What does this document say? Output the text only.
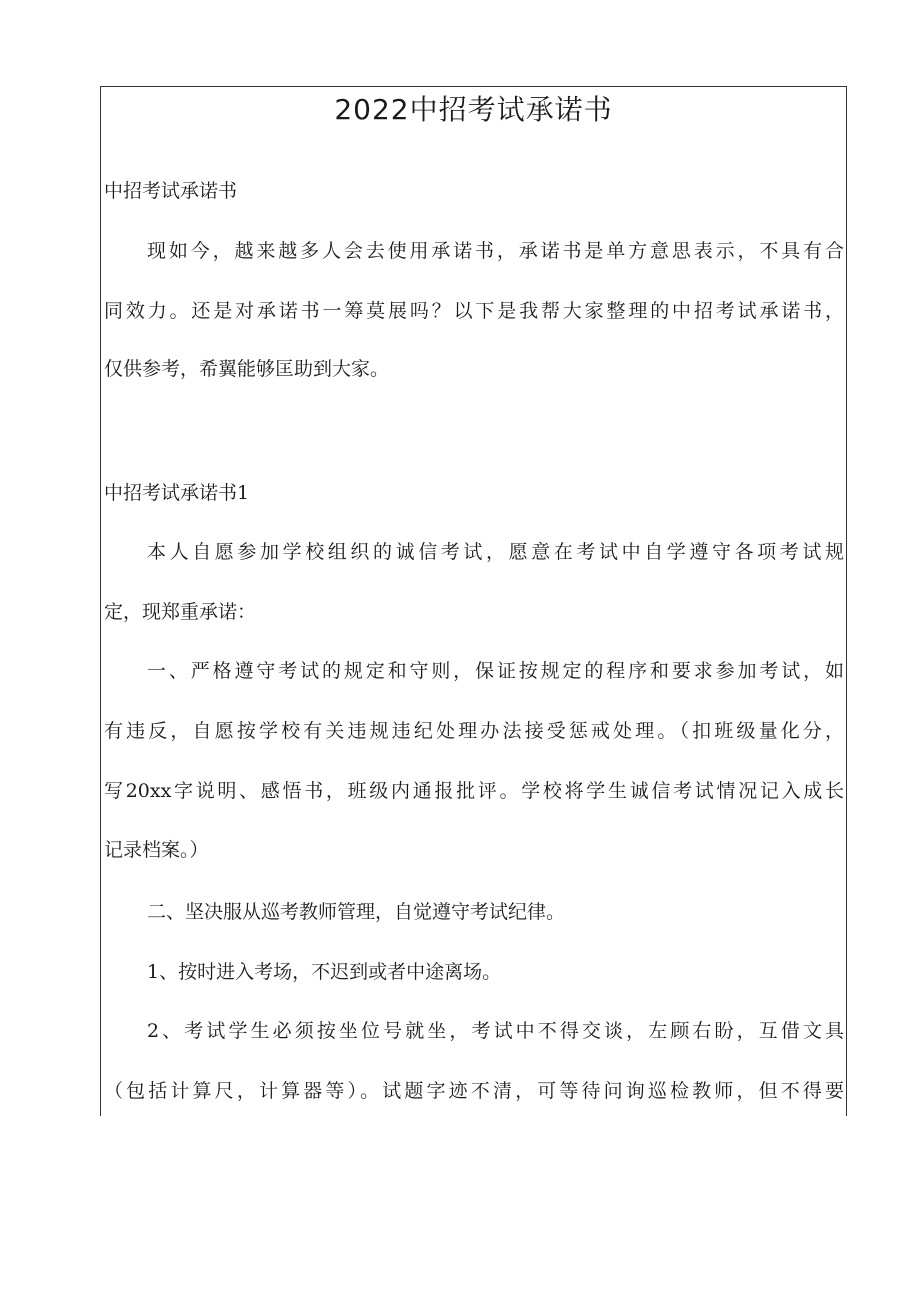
2022中招考试承诺书

中招考试承诺书

现如今，越来越多人会去使用承诺书，承诺书是单方意思表示，不具有合

同效力。还是对承诺书一筹莫展吗？以下是我帮大家整理的中招考试承诺书，

仅供参考，希翼能够匡助到大家。

中招考试承诺书1

本人自愿参加学校组织的诚信考试，愿意在考试中自学遵守各项考试规

定，现郑重承诺：

一、严格遵守考试的规定和守则，保证按规定的程序和要求参加考试，如

有违反，自愿按学校有关违规违纪处理办法接受惩戒处理。（扣班级量化分，

写20xx字说明、感悟书，班级内通报批评。学校将学生诚信考试情况记入成长

记录档案。）

二、坚决服从巡考教师管理，自觉遵守考试纪律。

1、按时进入考场，不迟到或者中途离场。

2、考试学生必须按坐位号就坐，考试中不得交谈，左顾右盼，互借文具

（包括计算尺，计算器等）。试题字迹不清，可等待问询巡检教师，但不得要
